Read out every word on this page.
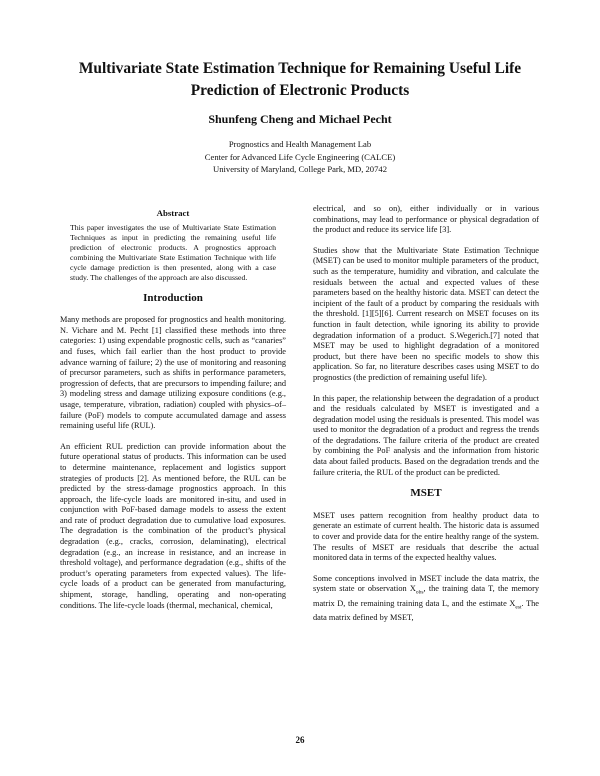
Multivariate State Estimation Technique for Remaining Useful Life Prediction of Electronic Products
Shunfeng Cheng and Michael Pecht
Prognostics and Health Management Lab
Center for Advanced Life Cycle Engineering (CALCE)
University of Maryland, College Park, MD, 20742
Abstract

This paper investigates the use of Multivariate State Estimation Techniques as input in predicting the remaining useful life prediction of electronic products. A prognostics approach combining the Multivariate State Estimation Technique with life cycle damage prediction is then presented, along with a case study. The challenges of the approach are also discussed.

Introduction

Many methods are proposed for prognostics and health monitoring. N. Vichare and M. Pecht [1] classified these methods into three categories: 1) using expendable prognostic cells, such as “canaries” and fuses, which fail earlier than the host product to provide advance warning of failure; 2) the use of monitoring and reasoning of precursor parameters, such as shifts in performance parameters, progression of defects, that are precursors to impending failure; and 3) modeling stress and damage utilizing exposure conditions (e.g., usage, temperature, vibration, radiation) coupled with physics–of–failure (PoF) models to compute accumulated damage and assess remaining useful life (RUL).

An efficient RUL prediction can provide information about the future operational status of products. This information can be used to determine maintenance, replacement and logistics support strategies of products [2]. As mentioned before, the RUL can be predicted by the stress-damage prognostics approach. In this approach, the life-cycle loads are monitored in-situ, and used in conjunction with PoF-based damage models to assess the extent and rate of product degradation due to cumulative load exposures. The degradation is the combination of the product’s physical degradation (e.g., cracks, corrosion, delaminating), electrical degradation (e.g., an increase in resistance, and an increase in threshold voltage), and performance degradation (e.g., shifts of the product’s operating parameters from expected values). The life-cycle loads of a product can be generated from manufacturing, shipment, storage, handling, operating and non-operating conditions. The life-cycle loads (thermal, mechanical, chemical,

electrical, and so on), either individually or in various combinations, may lead to performance or physical degradation of the product and reduce its service life [3].

Studies show that the Multivariate State Estimation Technique (MSET) can be used to monitor multiple parameters of the product, such as the temperature, humidity and vibration, and calculate the residuals between the actual and expected values of these parameters based on the healthy historic data. MSET can detect the incipient of the fault of a product by comparing the residuals with the threshold. [1][5][6]. Current research on MSET focuses on its function in fault detection, while ignoring its ability to provide degradation information of a product. S.Wegerich.[7] noted that MSET may be used to highlight degradation of a monitored product, but there have been no specific models to show this application. So far, no literature describes cases using MSET to do prognostics (the prediction of remaining useful life).

In this paper, the relationship between the degradation of a product and the residuals calculated by MSET is investigated and a degradation model using the residuals is presented. This model was used to monitor the degradation of a product and regress the trends of the degradations. The failure criteria of the product are created by combining the PoF analysis and the information from historic data about failed products. Based on the degradation trends and the failure criteria, the RUL of the product can be predicted.

MSET

MSET uses pattern recognition from healthy product data to generate an estimate of current health. The historic data is assumed to cover and provide data for the entire healthy range of the system. The results of MSET are residuals that describe the actual monitored data in terms of the expected healthy values.

Some conceptions involved in MSET include the data matrix, the system state or observation $X_{obs}$, the training data T, the memory matrix D, the remaining training data L, and the estimate $X_{est}$. The data matrix defined by MSET,

26
